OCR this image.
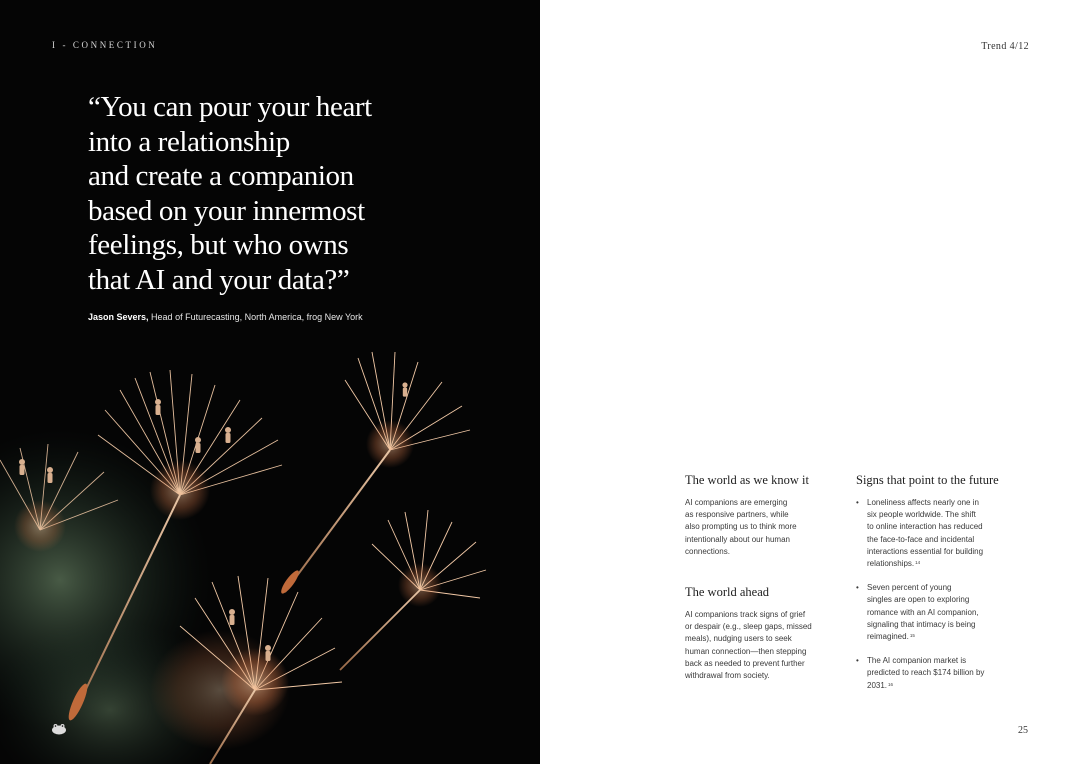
I - CONNECTION
“You can pour your heart
into a relationship
and create a companion
based on your innermost
feelings, but who owns
that AI and your data?”
Jason Severs, Head of Futurecasting, North America, frog New York
Trend 4/12
The world as we know it
AI companions are emerging
as responsive partners, while
also prompting us to think more
intentionally about our human
connections.
The world ahead
AI companions track signs of grief
or despair (e.g., sleep gaps, missed
meals), nudging users to seek
human connection—then stepping
back as needed to prevent further
withdrawal from society.
Signs that point to the future
• Loneliness affects nearly one in
six people worldwide. The shift
to online interaction has reduced
the face-to-face and incidental
interactions essential for building
relationships.$^{14}$
• Seven percent of young
singles are open to exploring
romance with an AI companion,
signaling that intimacy is being
reimagined.$^{15}$
• The AI companion market is
predicted to reach $174 billion by
2031.16
25
